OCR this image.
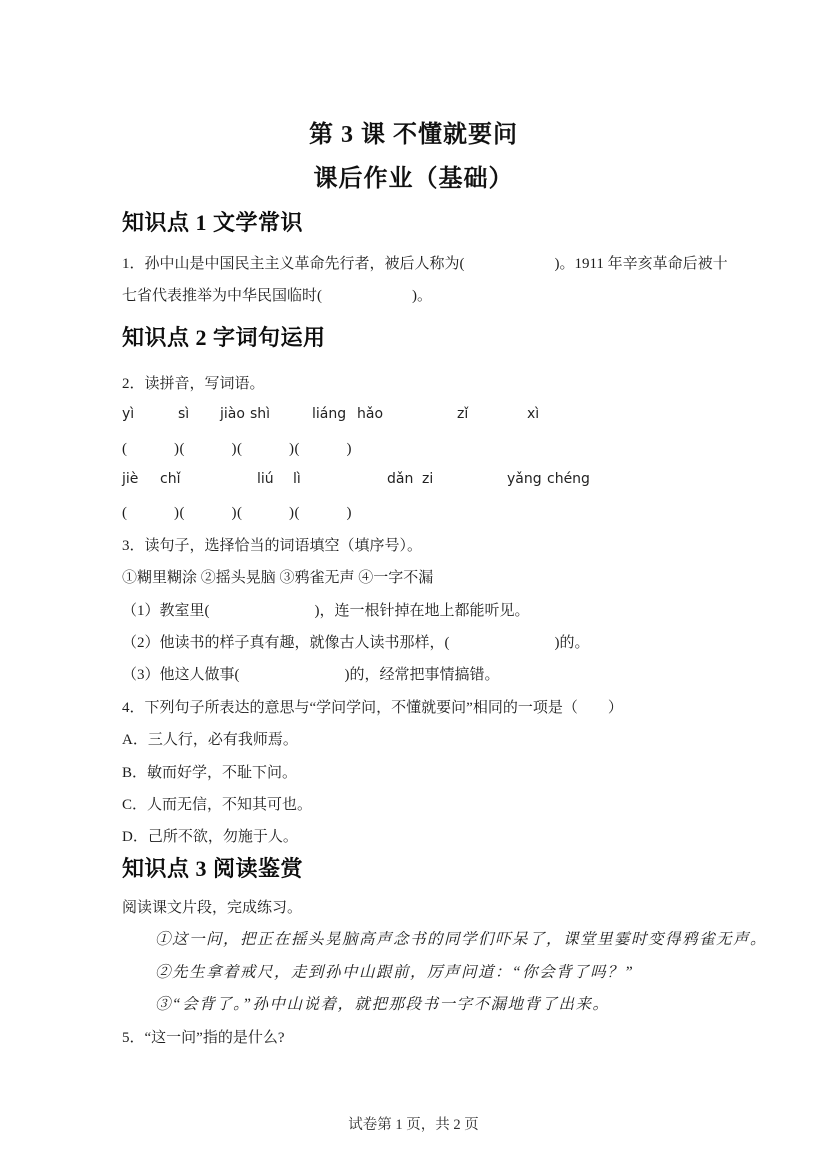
第 3 课 不懂就要问
课后作业（基础）
知识点 1 文学常识

1．孙中山是中国民主主义革命先行者，被后人称为(　　　　　　)。1911 年辛亥革命后被十

七省代表推举为中华民国临时(　　　　　　)。

知识点 2 字词句运用

2．读拼音，写词语。

yì	sì jiào shì	liáng hǎo	zǐ	xì

(　　　)(　　　)(　　　)(　　　)

jiè chǐ	liú lì	dǎn zi	yǎng chéng

(　　　)(　　　)(　　　)(　　　)

3．读句子，选择恰当的词语填空（填序号）。

①糊里糊涂 ②摇头晃脑 ③鸦雀无声 ④一字不漏

（1）教室里(　　　　　　　)，连一根针掉在地上都能听见。

（2）他读书的样子真有趣，就像古人读书那样，(　　　　　　　)的。

（3）他这人做事(　　　　　　　)的，经常把事情搞错。

4．下列句子所表达的意思与“学问学问，不懂就要问”相同的一项是（　　）

A．三人行，必有我师焉。

B．敏而好学，不耻下问。

C．人而无信，不知其可也。

D．己所不欲，勿施于人。

知识点 3 阅读鉴赏

阅读课文片段，完成练习。

①这一问，把正在摇头晃脑高声念书的同学们吓呆了，课堂里霎时变得鸦雀无声。

②先生拿着戒尺，走到孙中山跟前，厉声问道：“你会背了吗？”

③“会背了。”孙中山说着，就把那段书一字不漏地背了出来。

5．“这一问”指的是什么?

试卷第 1 页，共 2 页
